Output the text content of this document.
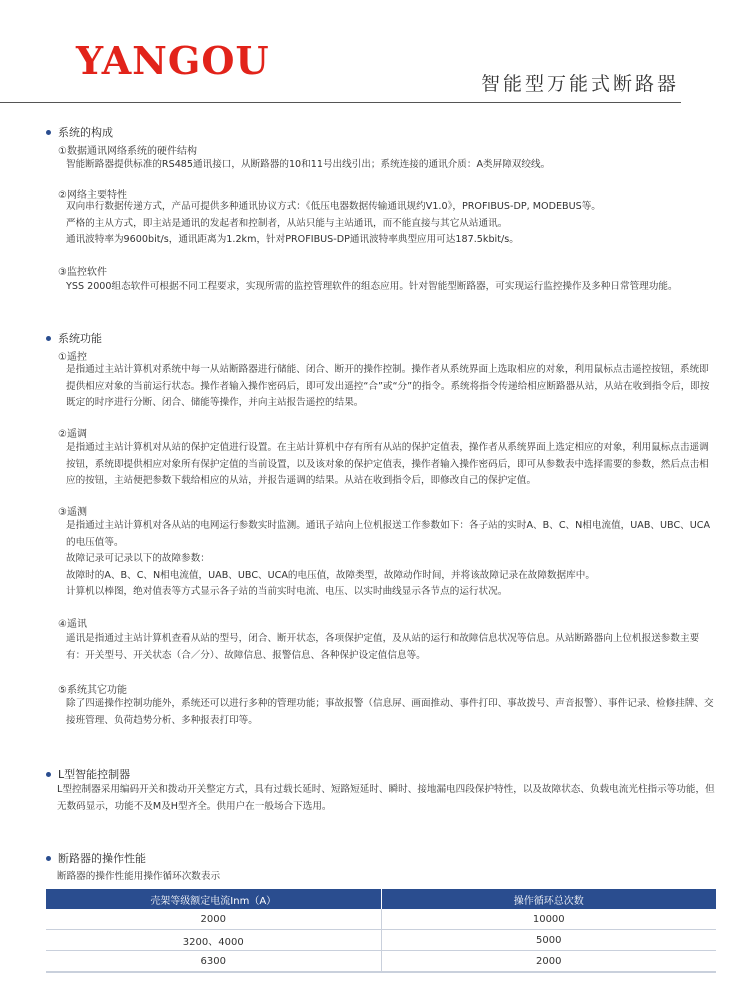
YANGOU
智能型万能式断路器
系统的构成
①数据通讯网络系统的硬件结构

智能断路器提供标准的RS485通讯接口，从断路器的10和11号出线引出；系统连接的通讯介质：A类屏障双绞线。

②网络主要特性

双向串行数据传递方式，产品可提供多种通讯协议方式：《低压电器数据传输通讯规约V1.0》，PROFIBUS-DP, MODEBUS等。

严格的主从方式，即主站是通讯的发起者和控制者，从站只能与主站通讯，而不能直接与其它从站通讯。

通讯波特率为9600bit/s，通讯距离为1.2km，针对PROFIBUS-DP通讯波特率典型应用可达187.5kbit/s。

③监控软件

YSS 2000组态软件可根据不同工程要求，实现所需的监控管理软件的组态应用。针对智能型断路器，可实现运行监控操作及多种日常管理功能。

系统功能
①遥控

是指通过主站计算机对系统中每一从站断路器进行储能、闭合、断开的操作控制。操作者从系统界面上选取相应的对象，利用鼠标点击遥控按钮，系统即提供相应对象的当前运行状态。操作者输入操作密码后，即可发出遥控“合”或“分”的指令。系统将指令传递给相应断路器从站，从站在收到指令后，即按既定的时序进行分断、闭合、储能等操作，并向主站报告遥控的结果。

②遥调

是指通过主站计算机对从站的保护定值进行设置。在主站计算机中存有所有从站的保护定值表，操作者从系统界面上选定相应的对象，利用鼠标点击遥调按钮，系统即提供相应对象所有保护定值的当前设置，以及该对象的保护定值表，操作者输入操作密码后，即可从参数表中选择需要的参数，然后点击相应的按钮，主站便把参数下载给相应的从站，并报告遥调的结果。从站在收到指令后，即修改自己的保护定值。

③遥测

是指通过主站计算机对各从站的电网运行参数实时监测。通讯子站向上位机报送工作参数如下：各子站的实时A、B、C、N相电流值，UAB、UBC、UCA的电压值等。

故障记录可记录以下的故障参数：

故障时的A、B、C、N相电流值，UAB、UBC、UCA的电压值，故障类型，故障动作时间，并将该故障记录在故障数据库中。

计算机以棒图，绝对值表等方式显示各子站的当前实时电流、电压、以实时曲线显示各节点的运行状况。

④遥讯

遥讯是指通过主站计算机查看从站的型号，闭合、断开状态，各项保护定值，及从站的运行和故障信息状况等信息。从站断路器向上位机报送参数主要有：开关型号、开关状态（合／分）、故障信息、报警信息、各种保护设定值信息等。

⑤系统其它功能

除了四遥操作控制功能外，系统还可以进行多种的管理功能；事故报警（信息屏、画面推动、事件打印、事故拨号、声音报警）、事件记录、检修挂牌、交接班管理、负荷趋势分析、多种报表打印等。

L型智能控制器

L型控制器采用编码开关和拨动开关整定方式，具有过载长延时、短路短延时、瞬时、接地漏电四段保护特性，以及故障状态、负载电流光柱指示等功能，但无数码显示，功能不及M及H型齐全。供用户在一般场合下选用。

断路器的操作性能
断路器的操作性能用操作循环次数表示
壳架等级额定电流Inm（A）	操作循环总次数
2000	10000
3200、4000	5000
6300	2000
